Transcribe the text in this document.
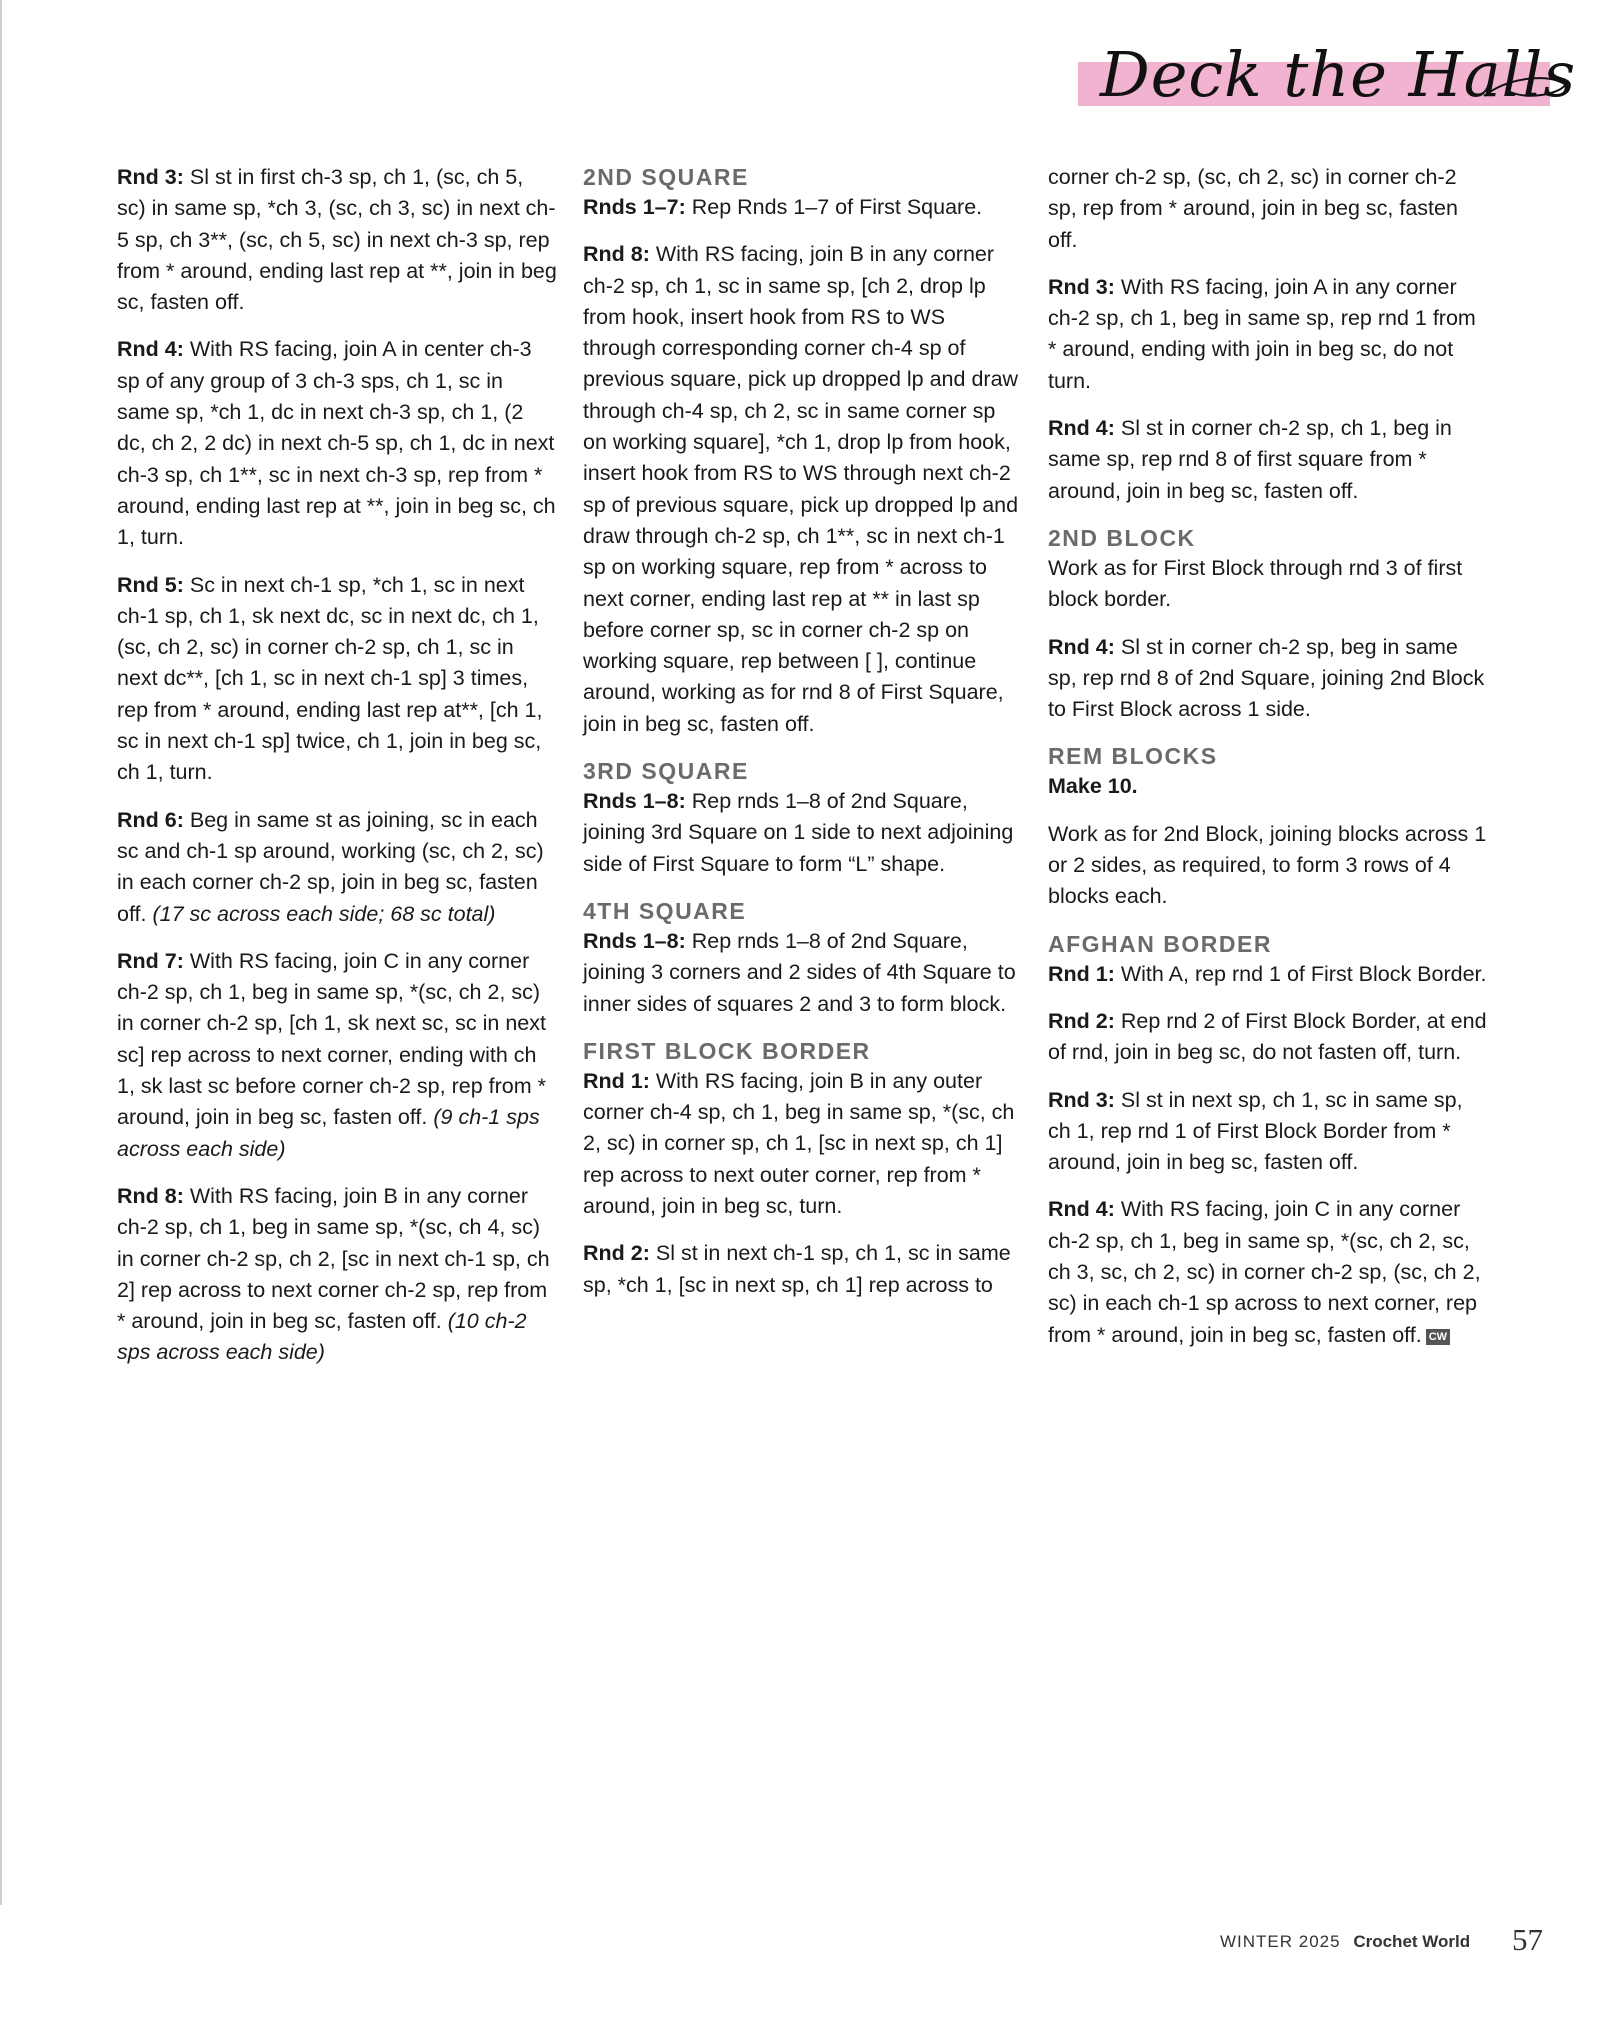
Deck the Halls

Rnd 3: Sl st in first ch-3 sp, ch 1, (sc, ch 5, sc) in same sp, *ch 3, (sc, ch 3, sc) in next ch-5 sp, ch 3**, (sc, ch 5, sc) in next ch-3 sp, rep from * around, ending last rep at **, join in beg sc, fasten off.

Rnd 4: With RS facing, join A in center ch-3 sp of any group of 3 ch-3 sps, ch 1, sc in same sp, *ch 1, dc in next ch-3 sp, ch 1, (2 dc, ch 2, 2 dc) in next ch-5 sp, ch 1, dc in next ch-3 sp, ch 1**, sc in next ch-3 sp, rep from * around, ending last rep at **, join in beg sc, ch 1, turn.

Rnd 5: Sc in next ch-1 sp, *ch 1, sc in next ch-1 sp, ch 1, sk next dc, sc in next dc, ch 1, (sc, ch 2, sc) in corner ch-2 sp, ch 1, sc in next dc**, [ch 1, sc in next ch-1 sp] 3 times, rep from * around, ending last rep at**, [ch 1, sc in next ch-1 sp] twice, ch 1, join in beg sc, ch 1, turn.

Rnd 6: Beg in same st as joining, sc in each sc and ch-1 sp around, working (sc, ch 2, sc) in each corner ch-2 sp, join in beg sc, fasten off. (17 sc across each side; 68 sc total)

Rnd 7: With RS facing, join C in any corner ch-2 sp, ch 1, beg in same sp, *(sc, ch 2, sc) in corner ch-2 sp, [ch 1, sk next sc, sc in next sc] rep across to next corner, ending with ch 1, sk last sc before corner ch-2 sp, rep from * around, join in beg sc, fasten off. (9 ch-1 sps across each side)

Rnd 8: With RS facing, join B in any corner ch-2 sp, ch 1, beg in same sp, *(sc, ch 4, sc) in corner ch-2 sp, ch 2, [sc in next ch-1 sp, ch 2] rep across to next corner ch-2 sp, rep from * around, join in beg sc, fasten off. (10 ch-2 sps across each side)

2ND SQUARE

Rnds 1–7: Rep Rnds 1–7 of First Square.

Rnd 8: With RS facing, join B in any corner ch-2 sp, ch 1, sc in same sp, [ch 2, drop lp from hook, insert hook from RS to WS through corresponding corner ch-4 sp of previous square, pick up dropped lp and draw through ch-4 sp, ch 2, sc in same corner sp on working square], *ch 1, drop lp from hook, insert hook from RS to WS through next ch-2 sp of previous square, pick up dropped lp and draw through ch-2 sp, ch 1**, sc in next ch-1 sp on working square, rep from * across to next corner, ending last rep at ** in last sp before corner sp, sc in corner ch-2 sp on working square, rep between [ ], continue around, working as for rnd 8 of First Square, join in beg sc, fasten off.

3RD SQUARE

Rnds 1–8: Rep rnds 1–8 of 2nd Square, joining 3rd Square on 1 side to next adjoining side of First Square to form “L” shape.

4TH SQUARE

Rnds 1–8: Rep rnds 1–8 of 2nd Square, joining 3 corners and 2 sides of 4th Square to inner sides of squares 2 and 3 to form block.

FIRST BLOCK BORDER

Rnd 1: With RS facing, join B in any outer corner ch-4 sp, ch 1, beg in same sp, *(sc, ch 2, sc) in corner sp, ch 1, [sc in next sp, ch 1] rep across to next outer corner, rep from * around, join in beg sc, turn.

Rnd 2: Sl st in next ch-1 sp, ch 1, sc in same sp, *ch 1, [sc in next sp, ch 1] rep across to

corner ch-2 sp, (sc, ch 2, sc) in corner ch-2 sp, rep from * around, join in beg sc, fasten off.

Rnd 3: With RS facing, join A in any corner ch-2 sp, ch 1, beg in same sp, rep rnd 1 from * around, ending with join in beg sc, do not turn.

Rnd 4: Sl st in corner ch-2 sp, ch 1, beg in same sp, rep rnd 8 of first square from * around, join in beg sc, fasten off.

2ND BLOCK

Work as for First Block through rnd 3 of first block border.

Rnd 4: Sl st in corner ch-2 sp, beg in same sp, rep rnd 8 of 2nd Square, joining 2nd Block to First Block across 1 side.

REM BLOCKS

Make 10.

Work as for 2nd Block, joining blocks across 1 or 2 sides, as required, to form 3 rows of 4 blocks each.

AFGHAN BORDER

Rnd 1: With A, rep rnd 1 of First Block Border.

Rnd 2: Rep rnd 2 of First Block Border, at end of rnd, join in beg sc, do not fasten off, turn.

Rnd 3: Sl st in next sp, ch 1, sc in same sp, ch 1, rep rnd 1 of First Block Border from * around, join in beg sc, fasten off.

Rnd 4: With RS facing, join C in any corner ch-2 sp, ch 1, beg in same sp, *(sc, ch 2, sc, ch 3, sc, ch 2, sc) in corner ch-2 sp, (sc, ch 2, sc) in each ch-1 sp across to next corner, rep from * around, join in beg sc, fasten off. CW

WINTER 2025 Crochet World 57
